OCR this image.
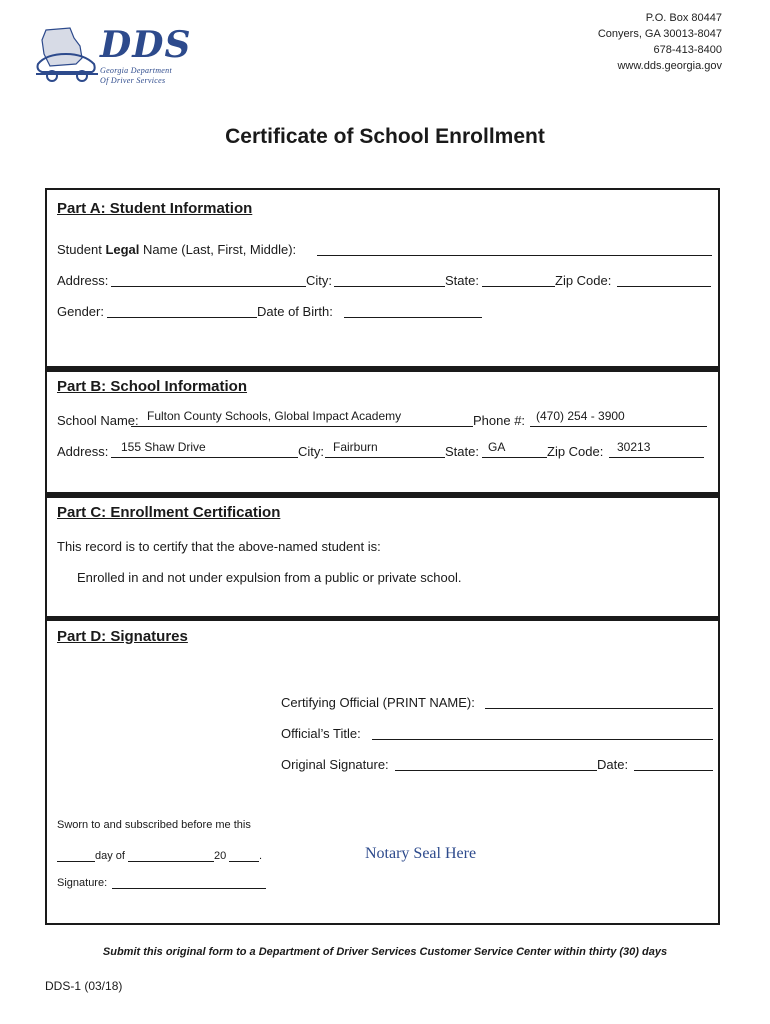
DDS
Georgia Department
Of Driver Services
P.O. Box 80447
Conyers, GA 30013-8047
678-413-8400
www.dds.georgia.gov
Certificate of School Enrollment
Part A: Student Information
Student Legal Name (Last, First, Middle):
Address:	City:	State:	Zip Code:
Gender:	Date of Birth:
Part B: School Information
School Name: Fulton County Schools, Global Impact Academy	Phone #: (470) 254 - 3900
Address: 155 Shaw Drive	City: Fairburn	State: GA	Zip Code: 30213
Part C: Enrollment Certification
This record is to certify that the above-named student is:
Enrolled in and not under expulsion from a public or private school.
Part D: Signatures
Certifying Official (PRINT NAME):
Official’s Title:
Original Signature:	Date:
Sworn to and subscribed before me this
day of	20	.	Notary Seal Here
Signature:
Submit this original form to a Department of Driver Services Customer Service Center within thirty (30) days
DDS-1 (03/18)
